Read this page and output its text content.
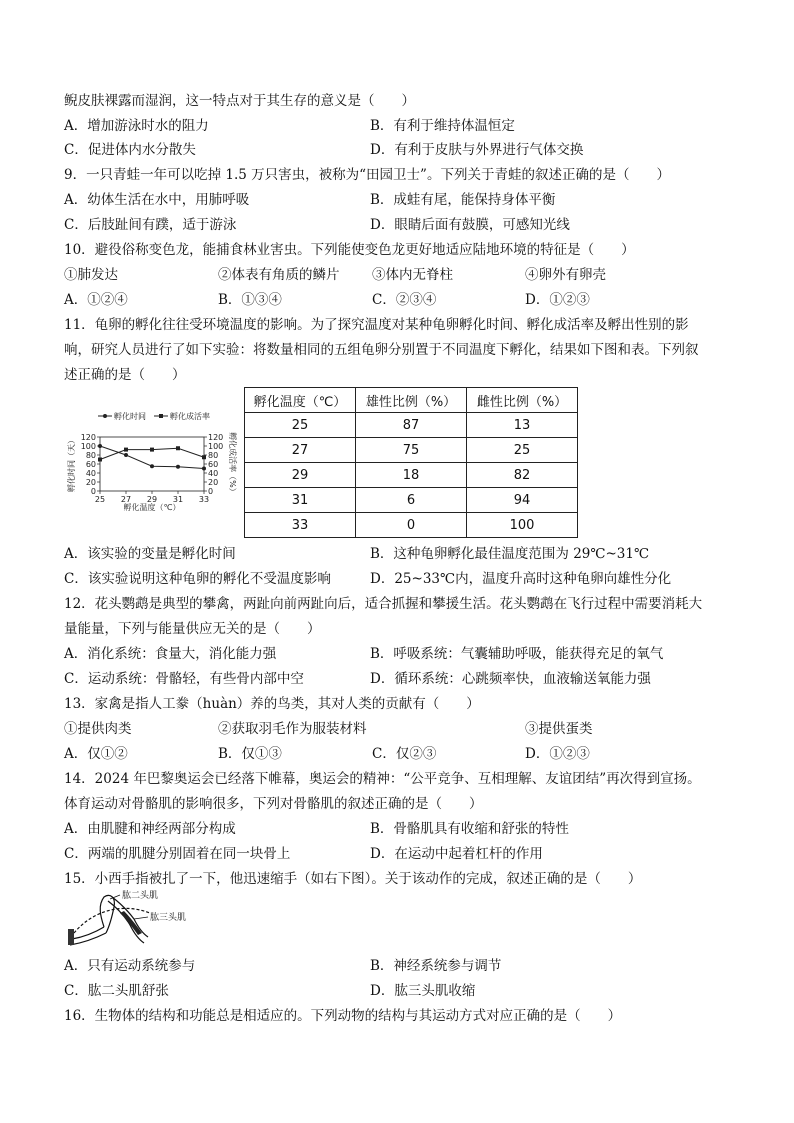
鲵皮肤裸露而湿润，这一特点对于其生存的意义是（　　）
A．增加游泳时水的阻力	B．有利于维持体温恒定
C．促进体内水分散失	D．有利于皮肤与外界进行气体交换
9．一只青蛙一年可以吃掉 1.5 万只害虫，被称为“田园卫士”。下列关于青蛙的叙述正确的是（　　）
A．幼体生活在水中，用肺呼吸	B．成蛙有尾，能保持身体平衡
C．后肢趾间有蹼，适于游泳	D．眼睛后面有鼓膜，可感知光线
10．避役俗称变色龙，能捕食林业害虫。下列能使变色龙更好地适应陆地环境的特征是（　　）
①肺发达	②体表有角质的鳞片 ③体内无脊柱	④卵外有卵壳
A．①②④	B．①③④	C．②③④	D．①②③
11．龟卵的孵化往往受环境温度的影响。为了探究温度对某种龟卵孵化时间、孵化成活率及孵出性别的影
响，研究人员进行了如下实验：将数量相同的五组龟卵分别置于不同温度下孵化，结果如下图和表。下列叙
述正确的是（　　）
0
20
40
60
80
100
120
0
20
40
60
80
100
120
25 27 29 31 33
孵化时间	孵化成活率
孵化温度（℃）
孵化时间（天）	孵化成活率（%）
孵化温度（℃）	雄性比例（%）	雌性比例（%）
25	87	13
27	75	25
29	18	82
31	6	94
33	0	100
A．该实验的变量是孵化时间	B．这种龟卵孵化最佳温度范围为 29℃~31℃
C．该实验说明这种龟卵的孵化不受温度影响	D．25~33℃内，温度升高时这种龟卵向雄性分化
12．花头鹦鹉是典型的攀禽，两趾向前两趾向后，适合抓握和攀援生活。花头鹦鹉在飞行过程中需要消耗大
量能量，下列与能量供应无关的是（　　）
A．消化系统：食量大，消化能力强	B．呼吸系统：气囊辅助呼吸，能获得充足的氧气
C．运动系统：骨骼轻，有些骨内部中空	D．循环系统：心跳频率快，血液输送氧能力强
13．家禽是指人工豢（huàn）养的鸟类，其对人类的贡献有（　　）
①提供肉类	②获取羽毛作为服装材料	③提供蛋类
A．仅①②	B．仅①③	C．仅②③	D．①②③
14．2024 年巴黎奥运会已经落下帷幕，奥运会的精神：“公平竞争、互相理解、友谊团结”再次得到宣扬。
体育运动对骨骼肌的影响很多，下列对骨骼肌的叙述正确的是（　　）
A．由肌腱和神经两部分构成	B．骨骼肌具有收缩和舒张的特性
C．两端的肌腱分别固着在同一块骨上	D．在运动中起着杠杆的作用
15．小西手指被扎了一下，他迅速缩手（如右下图）。关于该动作的完成，叙述正确的是（　　）
肱二头肌
肱三头肌
A．只有运动系统参与	B．神经系统参与调节
C．肱二头肌舒张	D．肱三头肌收缩
16．生物体的结构和功能总是相适应的。下列动物的结构与其运动方式对应正确的是（　　）
